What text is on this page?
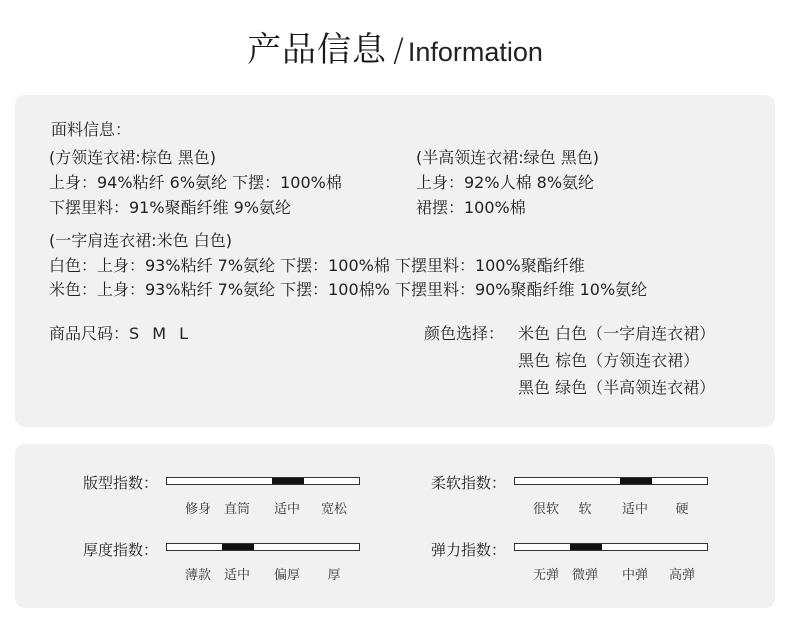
产品信息 / Information
面料信息：
(方领连衣裙:棕色 黑色)
上身：94%粘纤 6%氨纶 下摆：100%棉
下摆里料：91%聚酯纤维 9%氨纶
(半高领连衣裙:绿色 黑色)
上身：92%人棉 8%氨纶
裙摆：100%棉
(一字肩连衣裙:米色 白色)
白色：上身：93%粘纤 7%氨纶 下摆：100%棉 下摆里料：100%聚酯纤维
米色：上身：93%粘纤 7%氨纶 下摆：100棉% 下摆里料：90%聚酯纤维 10%氨纶
商品尺码：S M L	颜色选择： 米色 白色（一字肩连衣裙）
黑色 棕色（方领连衣裙）
黑色 绿色（半高领连衣裙）
版型指数：
修身 直筒 适中 宽松
柔软指数：
很软 软 适中 硬
厚度指数：
薄款 适中 偏厚 厚
弹力指数：
无弹 微弹 中弹 高弹
